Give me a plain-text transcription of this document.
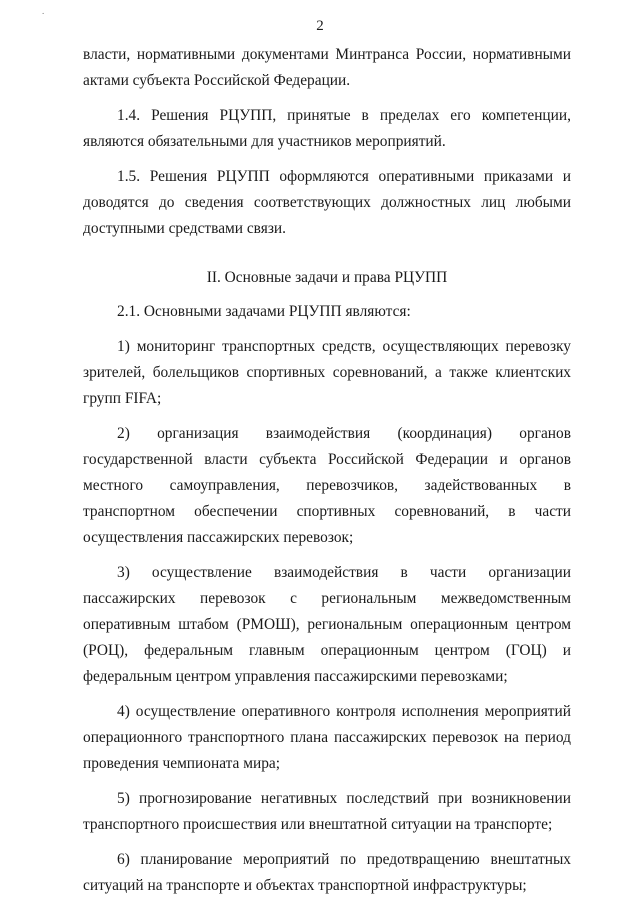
.
2

власти, нормативными документами Минтранса России, нормативными актами субъекта Российской Федерации.

1.4. Решения РЦУПП, принятые в пределах его компетенции, являются обязательными для участников мероприятий.

1.5. Решения РЦУПП оформляются оперативными приказами и доводятся до сведения соответствующих должностных лиц любыми доступными средствами связи.

II. Основные задачи и права РЦУПП

2.1. Основными задачами РЦУПП являются:

1) мониторинг транспортных средств, осуществляющих перевозку зрителей, болельщиков спортивных соревнований, а также клиентских групп FIFA;

2) организация взаимодействия (координация) органов государственной власти субъекта Российской Федерации и органов местного самоуправления, перевозчиков, задействованных в транспортном обеспечении спортивных соревнований, в части осуществления пассажирских перевозок;

3) осуществление взаимодействия в части организации пассажирских перевозок с региональным межведомственным оперативным штабом (РМОШ), региональным операционным центром (РОЦ), федеральным главным операционным центром (ГОЦ) и федеральным центром управления пассажирскими перевозками;

4) осуществление оперативного контроля исполнения мероприятий операционного транспортного плана пассажирских перевозок на период проведения чемпионата мира;

5) прогнозирование негативных последствий при возникновении транспортного происшествия или внештатной ситуации на транспорте;

6) планирование мероприятий по предотвращению внештатных ситуаций на транспорте и объектах транспортной инфраструктуры;
